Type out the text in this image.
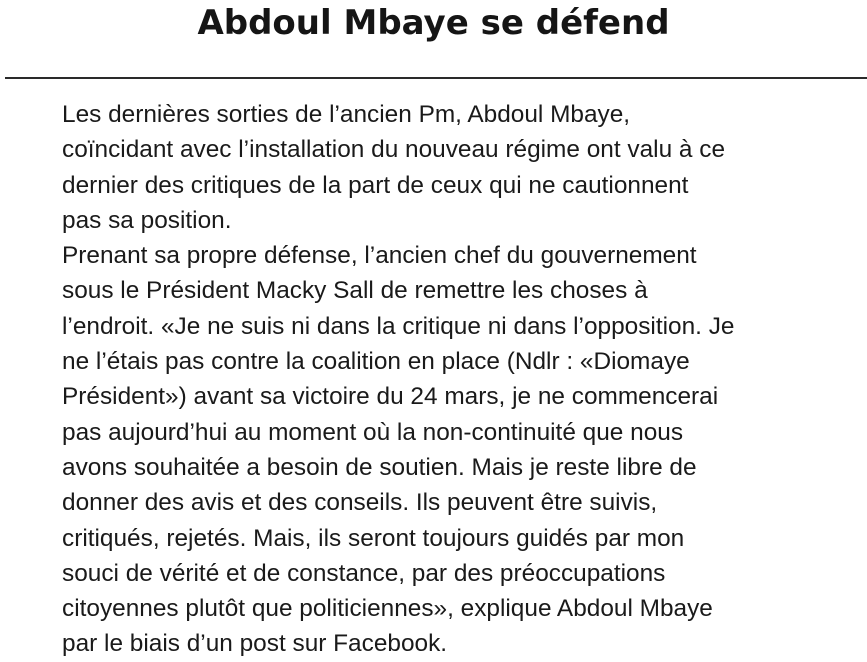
Abdoul Mbaye se défend

Les dernières sorties de l’ancien Pm, Abdoul Mbaye,

coïncidant avec l’installation du nouveau régime ont valu à ce

dernier des critiques de la part de ceux qui ne cautionnent

pas sa position.

Prenant sa propre défense, l’ancien chef du gouvernement

sous le Président Macky Sall de remettre les choses à

l’endroit. «Je ne suis ni dans la critique ni dans l’opposition. Je

ne l’étais pas contre la coalition en place (Ndlr : «Diomaye

Président») avant sa victoire du 24 mars, je ne commencerai

pas aujourd’hui au moment où la non-continuité que nous

avons souhaitée a besoin de soutien. Mais je reste libre de

donner des avis et des conseils. Ils peuvent être suivis,

critiqués, rejetés. Mais, ils seront toujours guidés par mon

souci de vérité et de constance, par des préoccupations

citoyennes plutôt que politiciennes», explique Abdoul Mbaye

par le biais d’un post sur Facebook.
